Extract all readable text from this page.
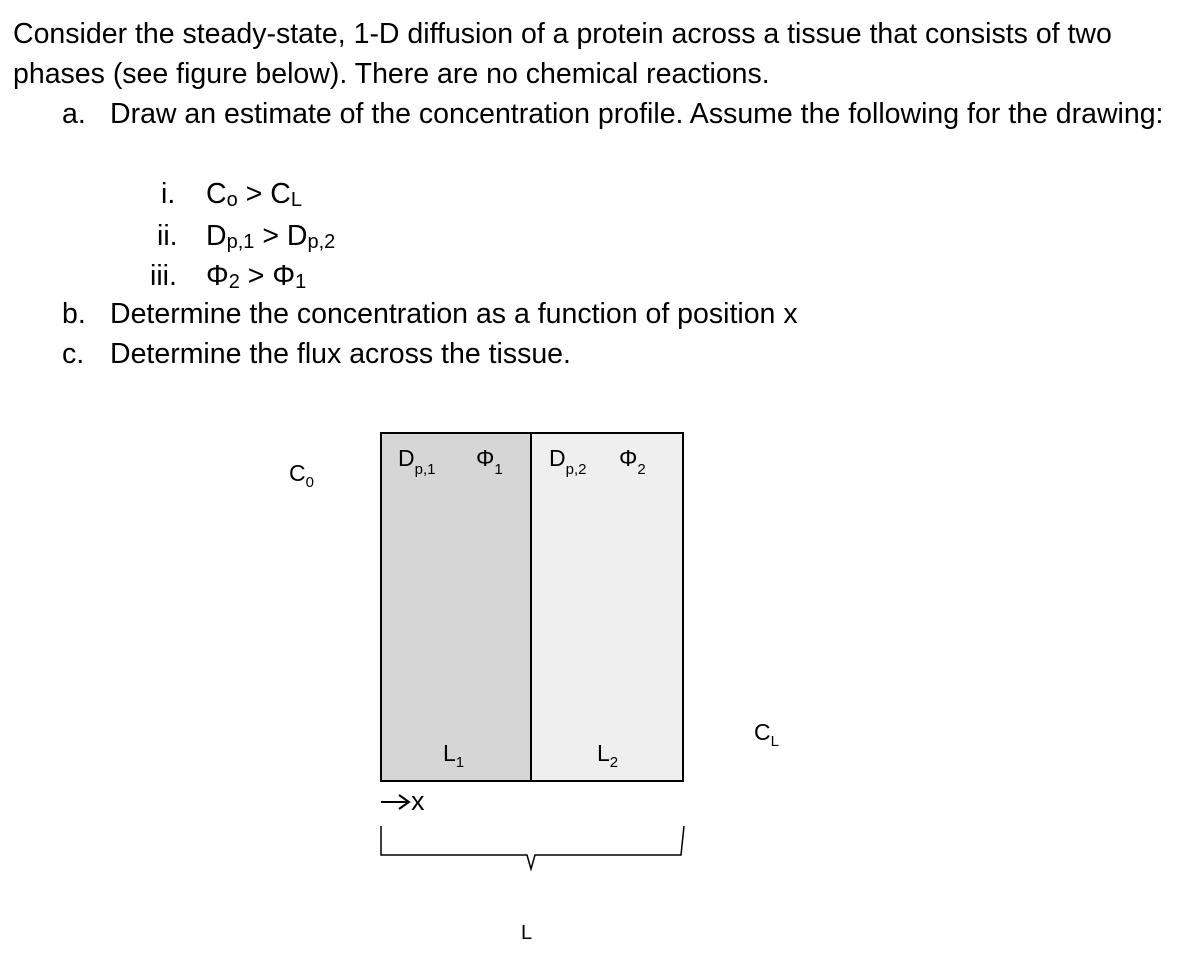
Consider the steady-state, 1-D diffusion of a protein across a tissue that consists of two phases (see figure below). There are no chemical reactions.

a. Draw an estimate of the concentration profile. Assume the following for the drawing:
i. Co > CL
ii. Dp,1 > Dp,2
iii. Φ2 > Φ1
b. Determine the concentration as a function of position x
c. Determine the flux across the tissue.
$C_0$
$C_L$
$D_{p,1}$ $\Phi_1$ $D_{p,2}$ $\Phi_2$
$L_1$	$L_2$
x
L
